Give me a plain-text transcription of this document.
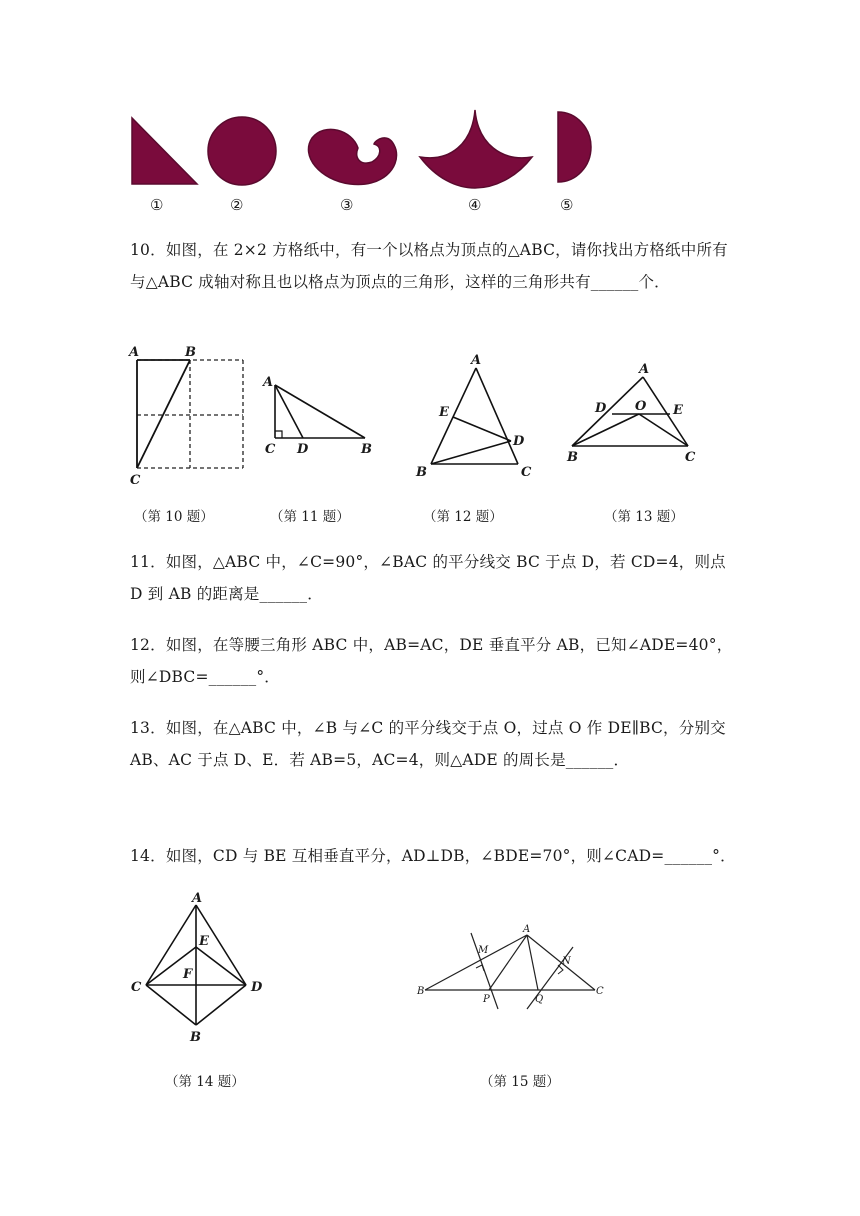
①	②	③	④	⑤
10．如图，在 2×2 方格纸中，有一个以格点为顶点的△ABC，请你找出方格纸中所有与△ABC 成轴对称且也以格点为顶点的三角形，这样的三角形共有______个．
A	B
C
A
C D	B
A
E
D
B	C
A
D O E
B	C
（第 10 题）	（第 11 题）	（第 12 题）	（第 13 题）
11．如图，△ABC 中，∠C=90°，∠BAC 的平分线交 BC 于点 D，若 CD=4，则点 D 到 AB 的距离是______．
12．如图，在等腰三角形 ABC 中，AB=AC，DE 垂直平分 AB，已知∠ADE=40°，则∠DBC=______°．
13．如图，在△ABC 中，∠B 与∠C 的平分线交于点 O，过点 O 作 DE∥BC，分别交 AB、AC 于点 D、E．若 AB=5，AC=4，则△ADE 的周长是______．
14．如图，CD 与 BE 互相垂直平分，AD⊥DB，∠BDE=70°，则∠CAD=______°．
A
E
F
C	D
B
A
M
N
B
P	Q
C
（第 14 题）	（第 15 题）
